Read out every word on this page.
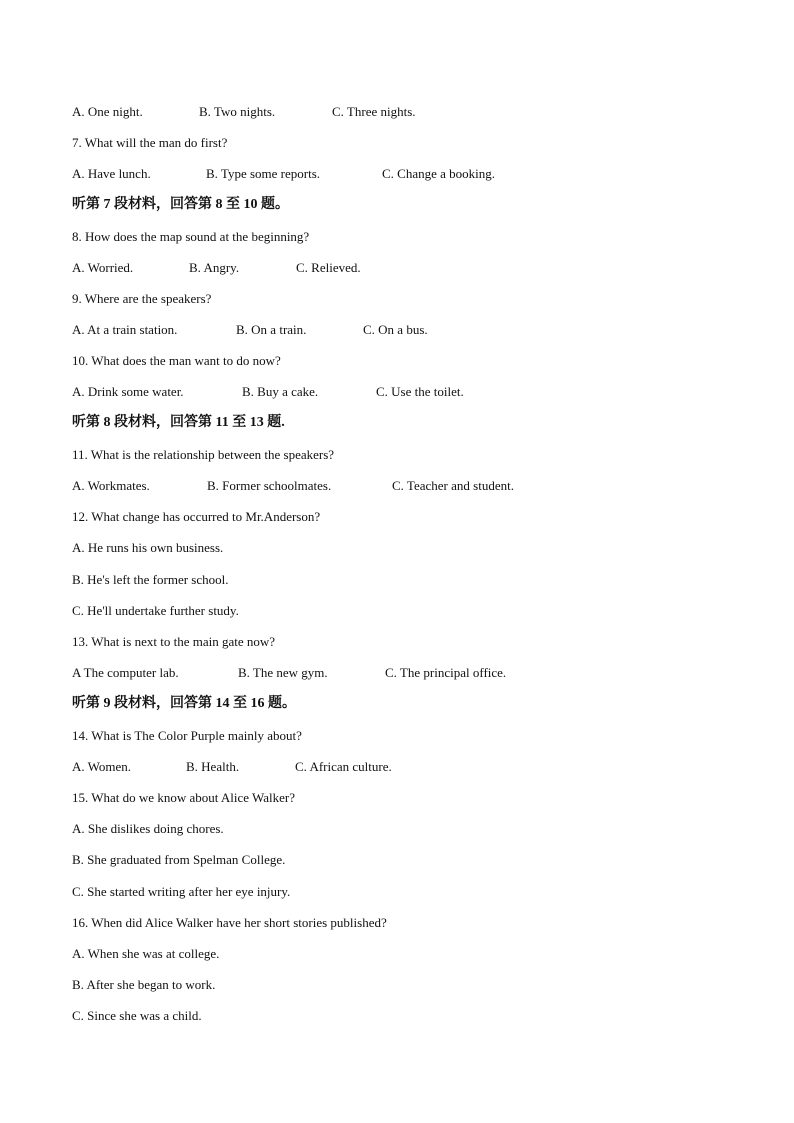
A. One night.	B. Two nights.	C. Three nights.
7. What will the man do first?
A. Have lunch.	B. Type some reports.	C. Change a booking.
听第 7 段材料，回答第 8 至 10 题。
8. How does the map sound at the beginning?
A. Worried.	B. Angry.	C. Relieved.
9. Where are the speakers?
A. At a train station.	B. On a train.	C. On a bus.
10. What does the man want to do now?
A. Drink some water.	B. Buy a cake.	C. Use the toilet.
听第 8 段材料，回答第 11 至 13 题.
11. What is the relationship between the speakers?
A. Workmates.	B. Former schoolmates.	C. Teacher and student.
12. What change has occurred to Mr.Anderson?
A. He runs his own business.
B. He's left the former school.
C. He'll undertake further study.
13. What is next to the main gate now?
A The computer lab.	B. The new gym.	C. The principal office.
听第 9 段材料，回答第 14 至 16 题。
14. What is The Color Purple mainly about?
A. Women.	B. Health.	C. African culture.
15. What do we know about Alice Walker?
A. She dislikes doing chores.
B. She graduated from Spelman College.
C. She started writing after her eye injury.
16. When did Alice Walker have her short stories published?
A. When she was at college.
B. After she began to work.
C. Since she was a child.
